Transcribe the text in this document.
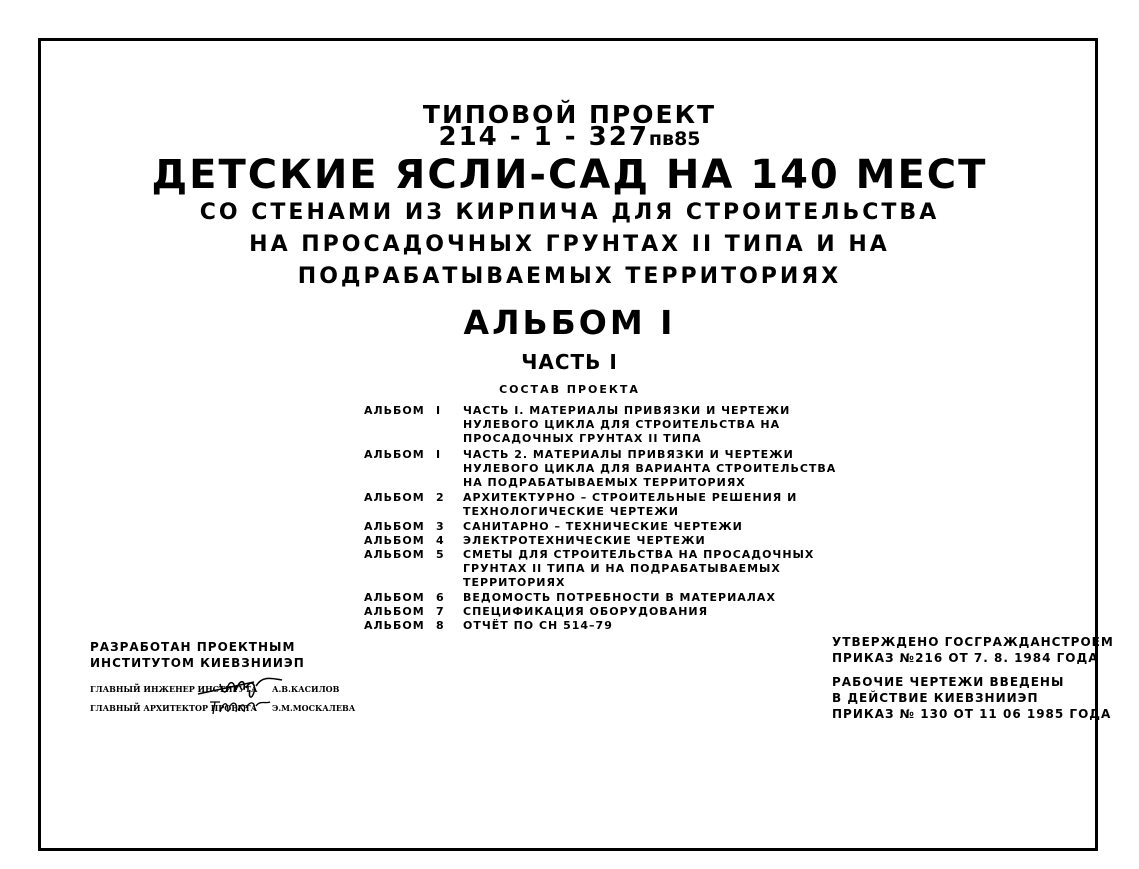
ТИПОВОЙ ПРОЕКТ
214 - 1 - 327пв85
ДЕТСКИЕ ЯСЛИ-САД НА 140 МЕСТ
СО СТЕНАМИ ИЗ КИРПИЧА ДЛЯ СТРОИТЕЛЬСТВА
НА ПРОСАДОЧНЫХ ГРУНТАХ II ТИПА И НА
ПОДРАБАТЫВАЕМЫХ ТЕРРИТОРИЯХ
АЛЬБОМ I
ЧАСТЬ I
СОСТАВ ПРОЕКТА
АЛЬБОМ I ЧАСТЬ I. МАТЕРИАЛЫ ПРИВЯЗКИ И ЧЕРТЕЖИ
НУЛЕВОГО ЦИКЛА ДЛЯ СТРОИТЕЛЬСТВА НА
ПРОСАДОЧНЫХ ГРУНТАХ II ТИПА
АЛЬБОМ I ЧАСТЬ 2. МАТЕРИАЛЫ ПРИВЯЗКИ И ЧЕРТЕЖИ
НУЛЕВОГО ЦИКЛА ДЛЯ ВАРИАНТА СТРОИТЕЛЬСТВА
НА ПОДРАБАТЫВАЕМЫХ ТЕРРИТОРИЯХ
АЛЬБОМ 2 АРХИТЕКТУРНО – СТРОИТЕЛЬНЫЕ РЕШЕНИЯ И
ТЕХНОЛОГИЧЕСКИЕ ЧЕРТЕЖИ
АЛЬБОМ 3 САНИТАРНО – ТЕХНИЧЕСКИЕ ЧЕРТЕЖИ
АЛЬБОМ 4 ЭЛЕКТРОТЕХНИЧЕСКИЕ ЧЕРТЕЖИ
АЛЬБОМ 5 СМЕТЫ ДЛЯ СТРОИТЕЛЬСТВА НА ПРОСАДОЧНЫХ
ГРУНТАХ II ТИПА И НА ПОДРАБАТЫВАЕМЫХ
ТЕРРИТОРИЯХ
АЛЬБОМ 6 ВЕДОМОСТЬ ПОТРЕБНОСТИ В МАТЕРИАЛАХ
АЛЬБОМ 7 СПЕЦИФИКАЦИЯ ОБОРУДОВАНИЯ
АЛЬБОМ 8 ОТЧЁТ ПО СН 514–79
РАЗРАБОТАН ПРОЕКТНЫМ
ИНСТИТУТОМ КИЕВЗНИИЭП
ГЛАВНЫЙ ИНЖЕНЕР ИНСТИТУТА А.В.КАСИЛОВ
ГЛАВНЫЙ АРХИТЕКТОР ПРОЕКТА Э.М.МОСКАЛЕВА
УТВЕРЖДЕНО ГОСГРАЖДАНСТРОЕМ
ПРИКАЗ №216 ОТ 7. 8. 1984 ГОДА
РАБОЧИЕ ЧЕРТЕЖИ ВВЕДЕНЫ
В ДЕЙСТВИЕ КИЕВЗНИИЭП
ПРИКАЗ № 130 ОТ 11 06 1985 ГОДА
